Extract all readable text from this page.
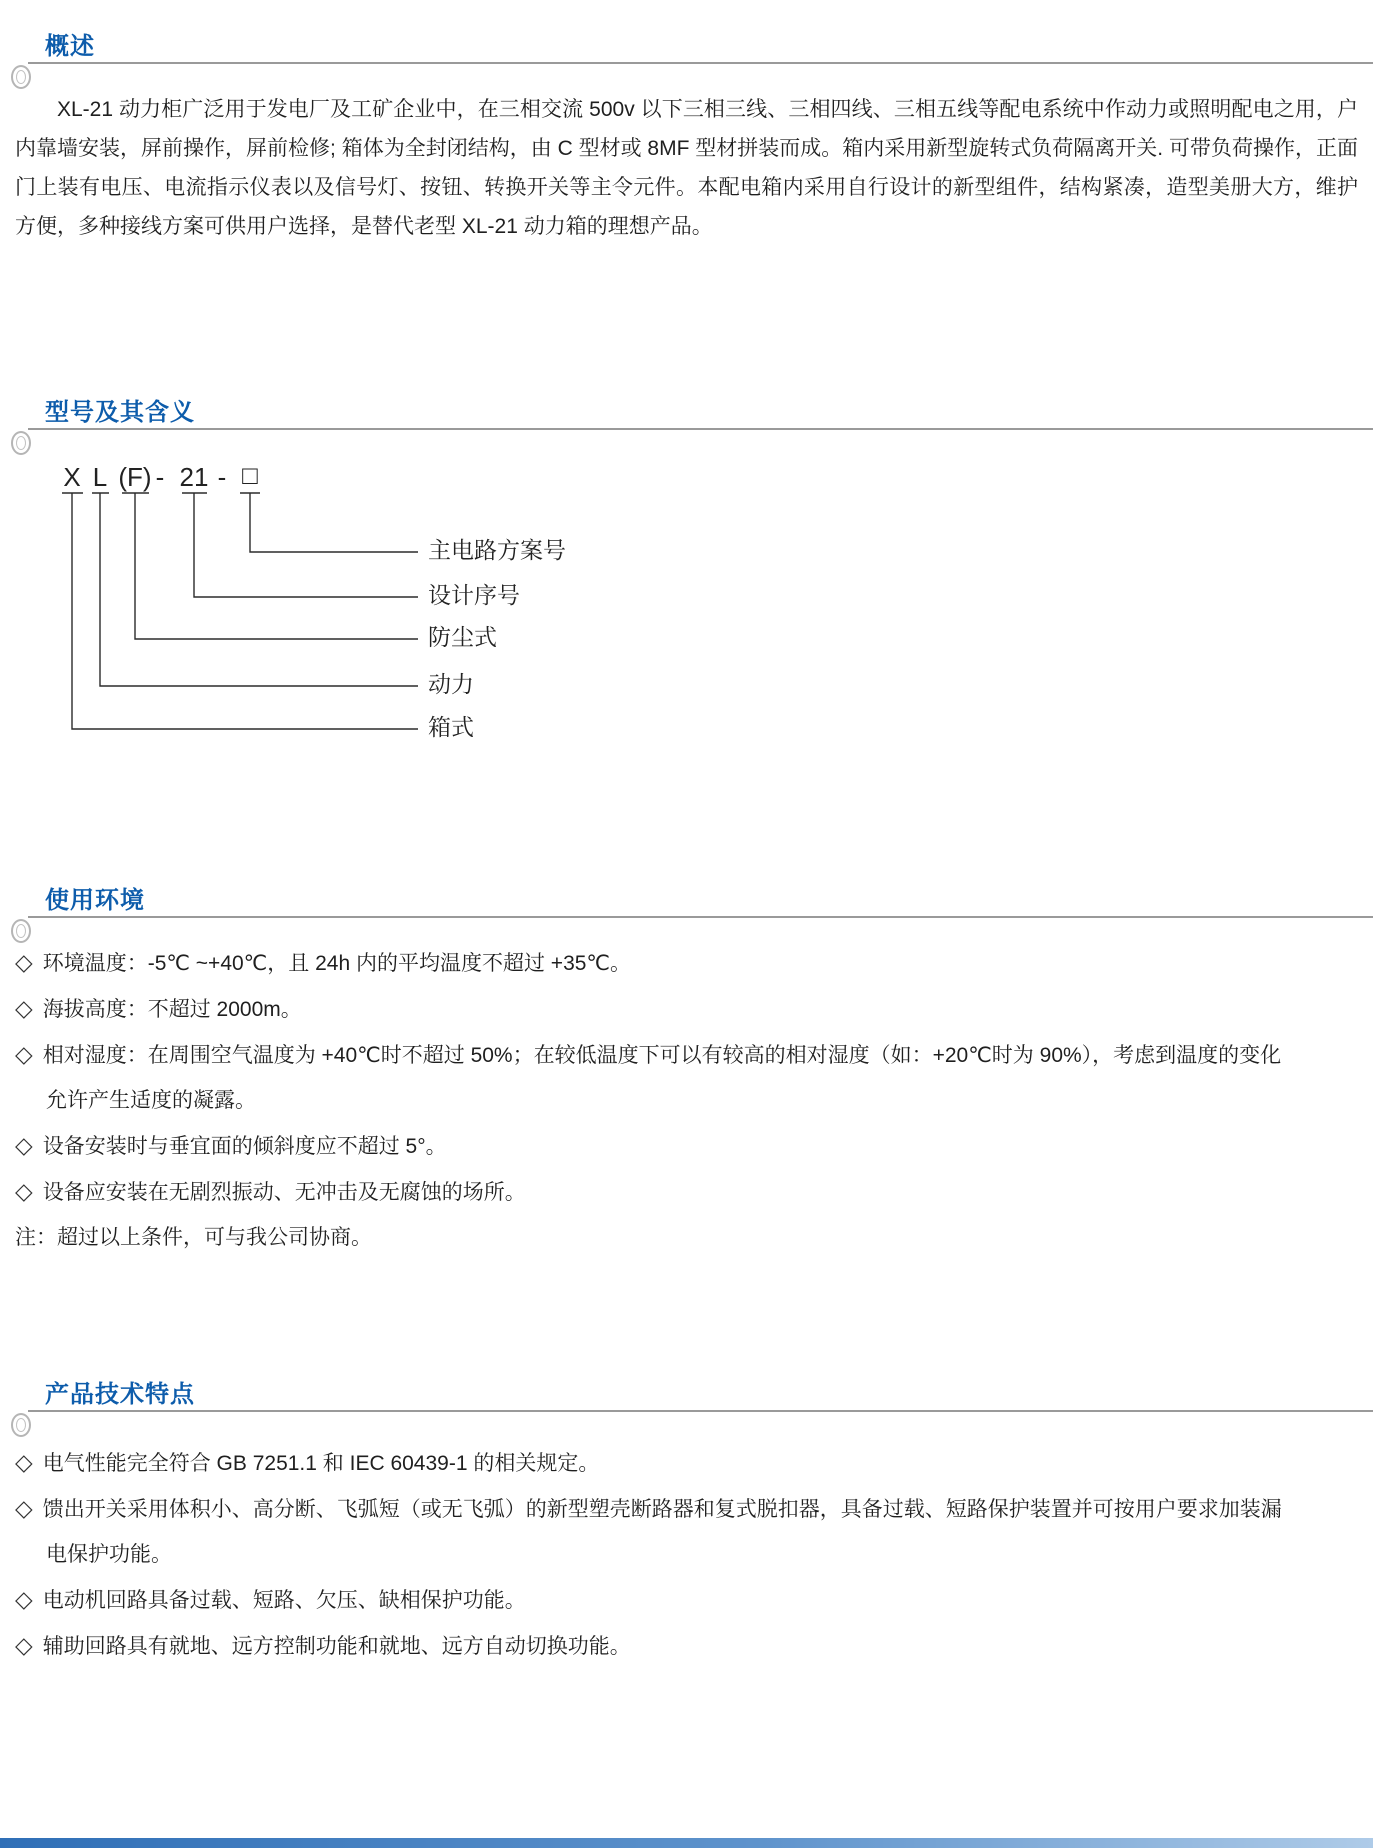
概述
XL-21 动力柜广泛用于发电厂及工矿企业中，在三相交流 500v 以下三相三线、三相四线、三相五线等配电系统中作动力或照明配电之用，户内靠墙安装，屏前操作，屏前检修; 箱体为全封闭结构，由 C 型材或 8MF 型材拼装而成。箱内采用新型旋转式负荷隔离开关. 可带负荷操作，正面门上装有电压、电流指示仪表以及信号灯、按钮、转换开关等主令元件。本配电箱内采用自行设计的新型组件，结构紧凑，造型美册大方，维护方便，多种接线方案可供用户选择，是替代老型 XL-21 动力箱的理想产品。
型号及其含义
X L (F) - 21 - □
主电路方案号
设计序号
防尘式
动力
箱式
使用环境
◇ 环境温度：-5℃ ~+40℃，且 24h 内的平均温度不超过 +35℃。
◇ 海拔高度：不超过 2000m。
◇ 相对湿度：在周围空气温度为 +40℃时不超过 50%；在较低温度下可以有较高的相对湿度（如：+20℃时为 90%），考虑到温度的变化
允许产生适度的凝露。
◇ 设备安装时与垂宜面的倾斜度应不超过 5°。
◇ 设备应安装在无剧烈振动、无冲击及无腐蚀的场所。
注：超过以上条件，可与我公司协商。
产品技术特点
◇ 电气性能完全符合 GB 7251.1 和 IEC 60439-1 的相关规定。
◇ 馈出开关采用体积小、高分断、飞弧短（或无飞弧）的新型塑壳断路器和复式脱扣器，具备过载、短路保护装置并可按用户要求加装漏
电保护功能。
◇ 电动机回路具备过载、短路、欠压、缺相保护功能。
◇ 辅助回路具有就地、远方控制功能和就地、远方自动切换功能。
